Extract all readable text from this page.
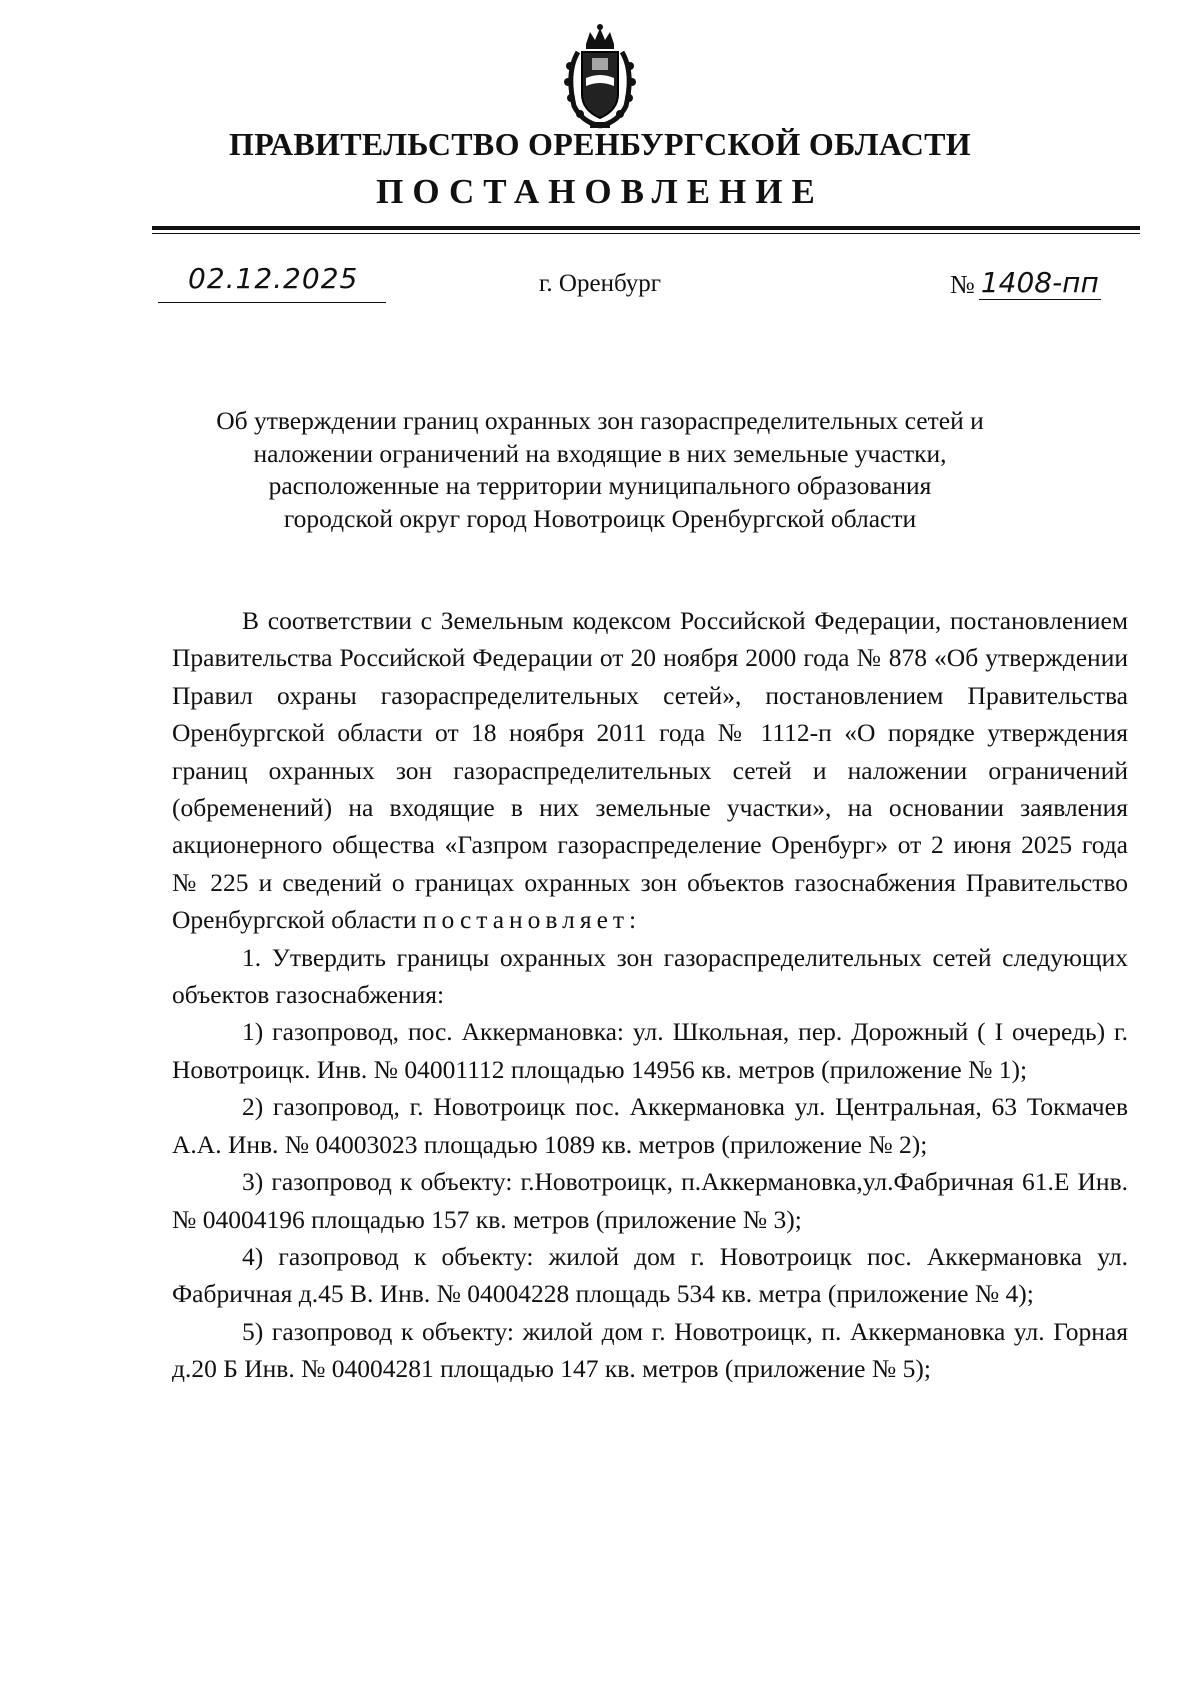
ПРАВИТЕЛЬСТВО ОРЕНБУРГСКОЙ ОБЛАСТИ
ПОСТАНОВЛЕНИЕ
02.12.2025	г. Оренбург	№ 1408-пп
Об утверждении границ охранных зон газораспределительных сетей и
наложении ограничений на входящие в них земельные участки,
расположенные на территории муниципального образования
городской округ город Новотроицк Оренбургской области

В соответствии с Земельным кодексом Российской Федерации, постановлением Правительства Российской Федерации от 20 ноября 2000 года № 878 «Об утверждении Правил охраны газораспределительных сетей», постановлением Правительства Оренбургской области от 18 ноября 2011 года № 1112-п «О порядке утверждения границ охранных зон газораспределительных сетей и наложении ограничений (обременений) на входящие в них земельные участки», на основании заявления акционерного общества «Газпром газораспределение Оренбург» от 2 июня 2025 года № 225 и сведений о границах охранных зон объектов газоснабжения Правительство Оренбургской области постановляет:

1. Утвердить границы охранных зон газораспределительных сетей следующих объектов газоснабжения:

1) газопровод, пос. Аккермановка: ул. Школьная, пер. Дорожный ( I очередь) г. Новотроицк. Инв. № 04001112 площадью 14956 кв. метров (приложение № 1);

2) газопровод, г. Новотроицк пос. Аккермановка ул. Центральная, 63 Токмачев А.А. Инв. № 04003023 площадью 1089 кв. метров (приложение № 2);

3) газопровод к объекту: г.Новотроицк, п.Аккермановка,ул.Фабричная 61.Е Инв. № 04004196 площадью 157 кв. метров (приложение № 3);

4) газопровод к объекту: жилой дом г. Новотроицк пос. Аккермановка ул. Фабричная д.45 В. Инв. № 04004228 площадь 534 кв. метра (приложение № 4);

5) газопровод к объекту: жилой дом г. Новотроицк, п. Аккермановка ул. Горная д.20 Б Инв. № 04004281 площадью 147 кв. метров (приложение № 5);
